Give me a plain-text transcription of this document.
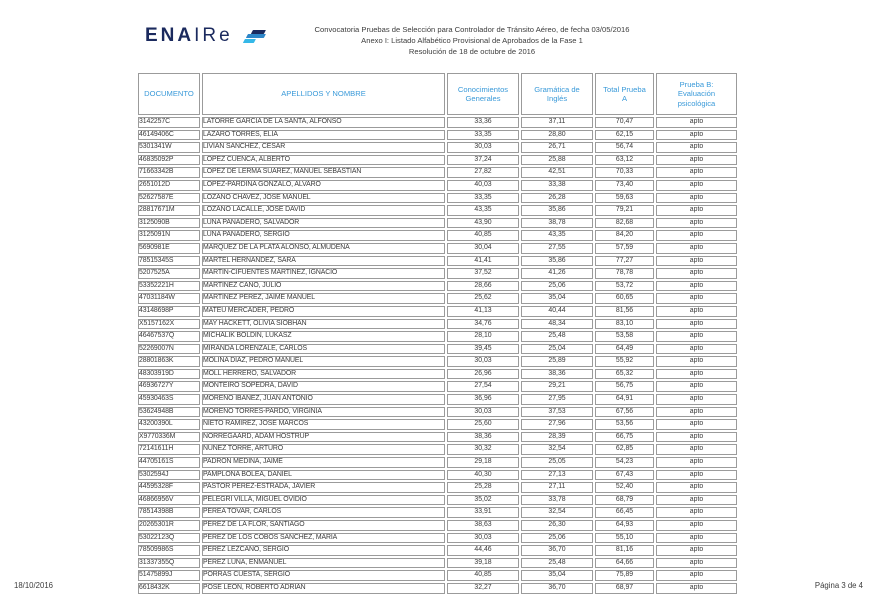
ENAIRe	Convocatoria Pruebas de Selección para Controlador de Tránsito Aéreo, de fecha 03/05/2016
Anexo I: Listado Alfabético Provisional de Aprobados de la Fase 1
Resolución de 18 de octubre de 2016
DOCUMENTO	APELLIDOS Y NOMBRE	Conocimientos Generales	Gramática de Inglés	Total Prueba A	Prueba B: Evaluación psicológica
3142257C	LATORRE GARCIA DE LA SANTA, ALFONSO	33,36	37,11	70,47	apto
46149406C	LAZARO TORRES, ELIA	33,35	28,80	62,15	apto
5301341W	LIVIAN SANCHEZ, CESAR	30,03	26,71	56,74	apto
46835092P	LOPEZ CUENCA, ALBERTO	37,24	25,88	63,12	apto
71663342B	LOPEZ DE LERMA SUAREZ, MANUEL SEBASTIAN	27,82	42,51	70,33	apto
2651012D	LOPEZ-PARDINA GONZALO, ALVARO	40,03	33,38	73,40	apto
52627587E	LOZANO CHAVEZ, JOSE MANUEL	33,35	26,28	59,63	apto
28817671M	LOZANO LACALLE, JOSE DAVID	43,35	35,86	79,21	apto
3125090B	LUNA PANADERO, SALVADOR	43,90	38,78	82,68	apto
3125091N	LUNA PANADERO, SERGIO	40,85	43,35	84,20	apto
5690981E	MARQUEZ DE LA PLATA ALONSO, ALMUDENA	30,04	27,55	57,59	apto
78515345S	MARTEL HERNANDEZ, SARA	41,41	35,86	77,27	apto
5207525A	MARTIN-CIFUENTES MARTINEZ, IGNACIO	37,52	41,26	78,78	apto
53352221H	MARTINEZ CANO, JULIO	28,66	25,06	53,72	apto
47031184W	MARTINEZ PEREZ, JAIME MANUEL	25,62	35,04	60,65	apto
43148698P	MATEU MERCADER, PEDRO	41,13	40,44	81,56	apto
X5157162X	MAY HACKETT, OLIVIA SIOBHAN	34,76	48,34	83,10	apto
46467537Q	MICHALIK BOLDIN, LUKASZ	28,10	25,48	53,58	apto
52269007N	MIRANDA LORENZALE, CARLOS	39,45	25,04	64,49	apto
28801863K	MOLINA DIAZ, PEDRO MANUEL	30,03	25,89	55,92	apto
48303919D	MOLL HERRERO, SALVADOR	26,96	38,36	65,32	apto
46936727Y	MONTEIRO SOPEDRA, DAVID	27,54	29,21	56,75	apto
45930463S	MORENO IBAÑEZ, JUAN ANTONIO	36,96	27,95	64,91	apto
53624948B	MORENO TORRES-PARDO, VIRGINIA	30,03	37,53	67,56	apto
43200390L	NIETO RAMIREZ, JOSE MARCOS	25,60	27,96	53,56	apto
X9770336M	NORREGAARD, ADAM HOSTRUP	38,36	28,39	66,75	apto
72141611H	NUÑEZ TORRE, ARTURO	30,32	32,54	62,85	apto
44705161S	PADRON MEDINA, JAIME	29,18	25,05	54,23	apto
5302594J	PAMPLONA BOLEA, DANIEL	40,30	27,13	67,43	apto
44595328F	PASTOR PEREZ-ESTRADA, JAVIER	25,28	27,11	52,40	apto
46866956V	PELEGRI VILLA, MIGUEL OVIDIO	35,02	33,78	68,79	apto
78514398B	PEREA TOVAR, CARLOS	33,91	32,54	66,45	apto
20265301R	PEREZ DE LA FLOR, SANTIAGO	38,63	26,30	64,93	apto
53022123Q	PEREZ DE LOS COBOS SANCHEZ, MARIA	30,03	25,06	55,10	apto
78509986S	PEREZ LEZCANO, SERGIO	44,46	36,70	81,16	apto
31337355Q	PEREZ LUNA, ENMANUEL	39,18	25,48	64,66	apto
51475899J	PORRAS CUESTA, SERGIO	40,85	35,04	75,89	apto
6618432K	POSE LEON, ROBERTO ADRIAN	32,27	36,70	68,97	apto
18/10/2016	Página 3 de 4
